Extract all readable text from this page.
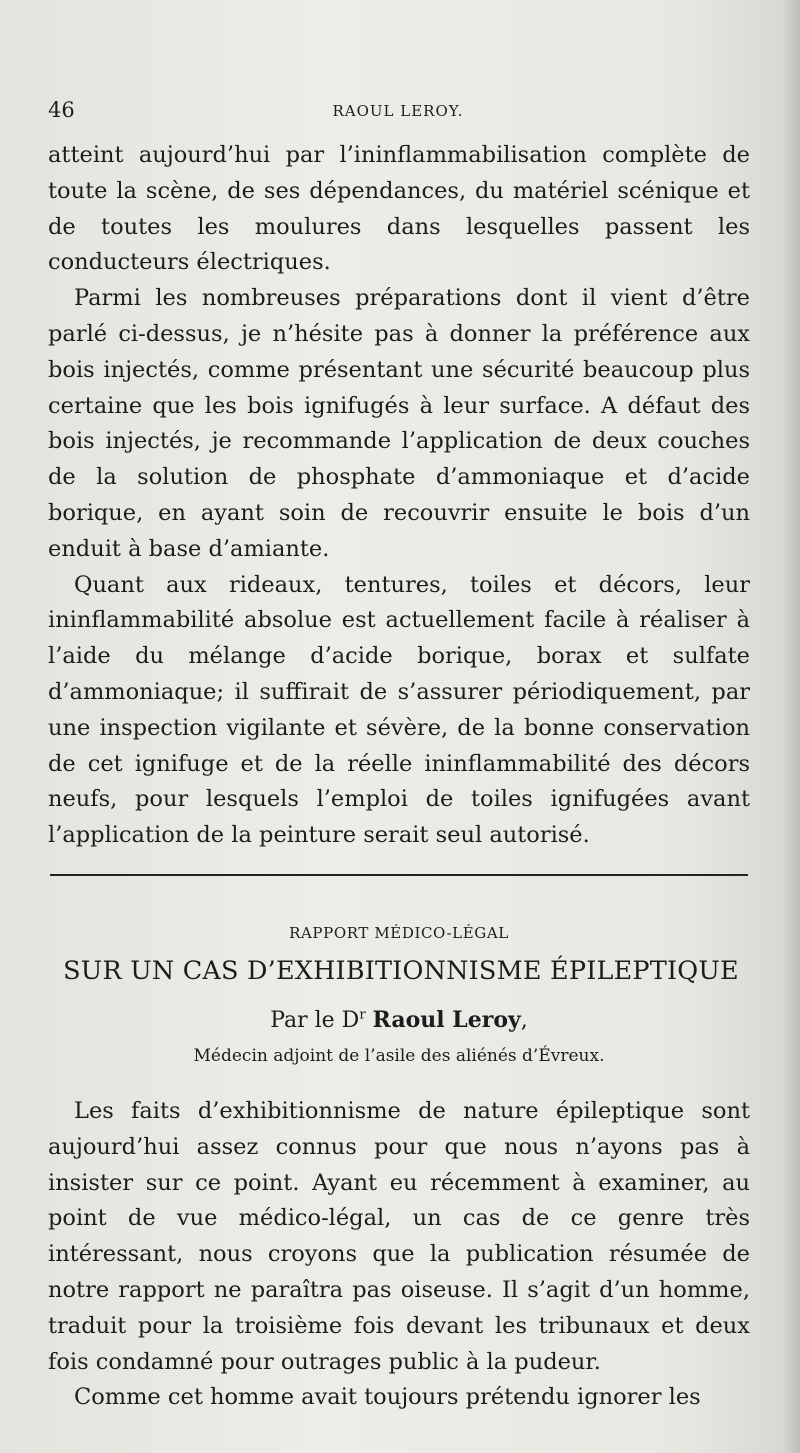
46	RAOUL LEROY.

atteint aujourd’hui par l’ininflammabilisation complète de toute la scène, de ses dépendances, du matériel scénique et de toutes les moulures dans lesquelles passent les conducteurs électriques.

Parmi les nombreuses préparations dont il vient d’être parlé ci-dessus, je n’hésite pas à donner la préférence aux bois injectés, comme présentant une sécurité beaucoup plus certaine que les bois ignifugés à leur surface. A défaut des bois injectés, je recommande l’application de deux couches de la solution de phosphate d’ammoniaque et d’acide borique, en ayant soin de recouvrir ensuite le bois d’un enduit à base d’amiante.

Quant aux rideaux, tentures, toiles et décors, leur ininflammabilité absolue est actuellement facile à réaliser à l’aide du mélange d’acide borique, borax et sulfate d’ammoniaque; il suffirait de s’assurer périodiquement, par une inspection vigilante et sévère, de la bonne conservation de cet ignifuge et de la réelle ininflammabilité des décors neufs, pour lesquels l’emploi de toiles ignifugées avant l’application de la peinture serait seul autorisé.

RAPPORT MÉDICO-LÉGAL
SUR UN CAS D’EXHIBITIONNISME ÉPILEPTIQUE
Par le $D^r$ Raoul Leroy,
Médecin adjoint de l’asile des aliénés d’Évreux.

Les faits d’exhibitionnisme de nature épileptique sont aujourd’hui assez connus pour que nous n’ayons pas à insister sur ce point. Ayant eu récemment à examiner, au point de vue médico-légal, un cas de ce genre très intéressant, nous croyons que la publication résumée de notre rapport ne paraîtra pas oiseuse. Il s’agit d’un homme, traduit pour la troisième fois devant les tribunaux et deux fois condamné pour outrages public à la pudeur.

Comme cet homme avait toujours prétendu ignorer les
